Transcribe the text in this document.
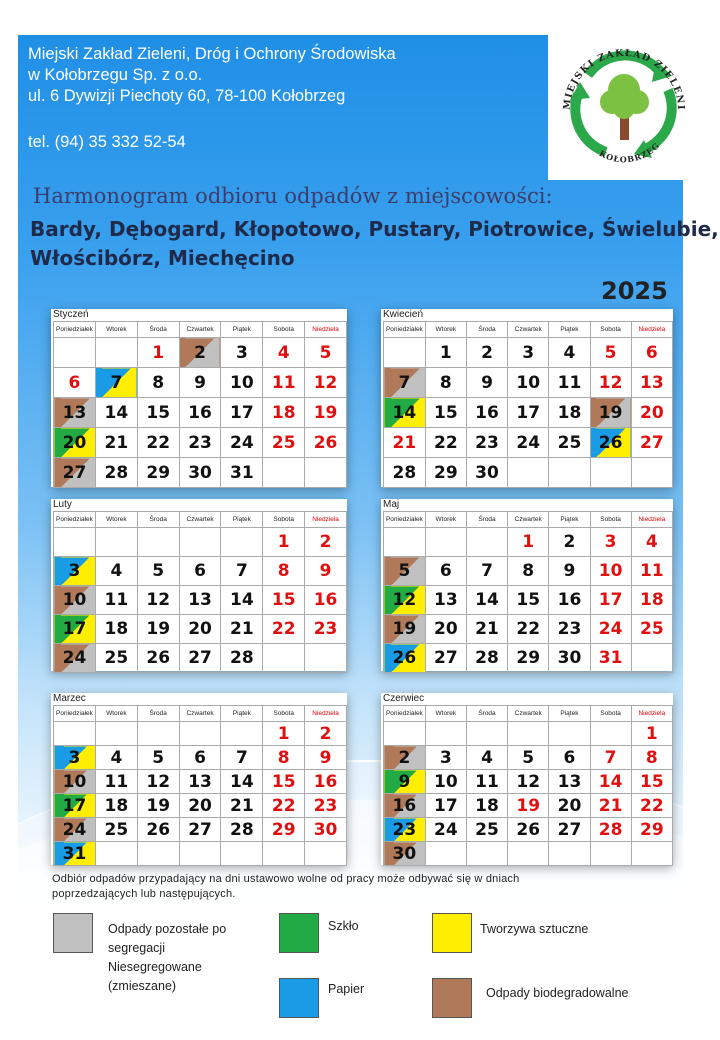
Miejski Zakład Zieleni, Dróg i Ochrony Środowiska
w Kołobrzegu Sp. z o.o.
ul. 6 Dywizji Piechoty 60, 78-100 Kołobrzeg
tel. (94) 35 332 52-54
MIEJSKI ZAKŁAD ZIELENI
KOŁOBRZEG
Harmonogram odbioru odpadów z miejscowości:
Bardy, Dębogard, Kłopotowo, Pustary, Piotrowice, Świelubie,
Włościbórz, Miechęcino
2025
Styczeń
Poniedziałek	Wtorek	Środa	Czwartek	Piątek	Sobota	Niedziela
		1	2	3	4	5
6	7	8	9	10	11	12
13	14	15	16	17	18	19
20	21	22	23	24	25	26
27	28	29	30	31		
Kwiecień
Poniedziałek	Wtorek	Środa	Czwartek	Piątek	Sobota	Niedziela
	1	2	3	4	5	6
7	8	9	10	11	12	13
14	15	16	17	18	19	20
21	22	23	24	25	26	27
28	29	30				
Luty
Poniedziałek	Wtorek	Środa	Czwartek	Piątek	Sobota	Niedziela
					1	2
3	4	5	6	7	8	9
10	11	12	13	14	15	16
17	18	19	20	21	22	23
24	25	26	27	28		
Maj
Poniedziałek	Wtorek	Środa	Czwartek	Piątek	Sobota	Niedziela
			1	2	3	4
5	6	7	8	9	10	11
12	13	14	15	16	17	18
19	20	21	22	23	24	25
26	27	28	29	30	31	
Marzec
Poniedziałek	Wtorek	Środa	Czwartek	Piątek	Sobota	Niedziela
					1	2
3	4	5	6	7	8	9
10	11	12	13	14	15	16
17	18	19	20	21	22	23
24	25	26	27	28	29	30
31						
Czerwiec
Poniedziałek	Wtorek	Środa	Czwartek	Piątek	Sobota	Niedziela
						1
2	3	4	5	6	7	8
9	10	11	12	13	14	15
16	17	18	19	20	21	22
23	24	25	26	27	28	29
30						
Odbiór odpadów przypadający na dni ustawowo wolne od pracy może odbywać się w dniach
poprzedzających lub następujących.
Odpady pozostałe po
segregacji
Niesegregowane
(zmieszane)
Szkło	Tworzywa sztuczne
Papier	Odpady biodegradowalne
